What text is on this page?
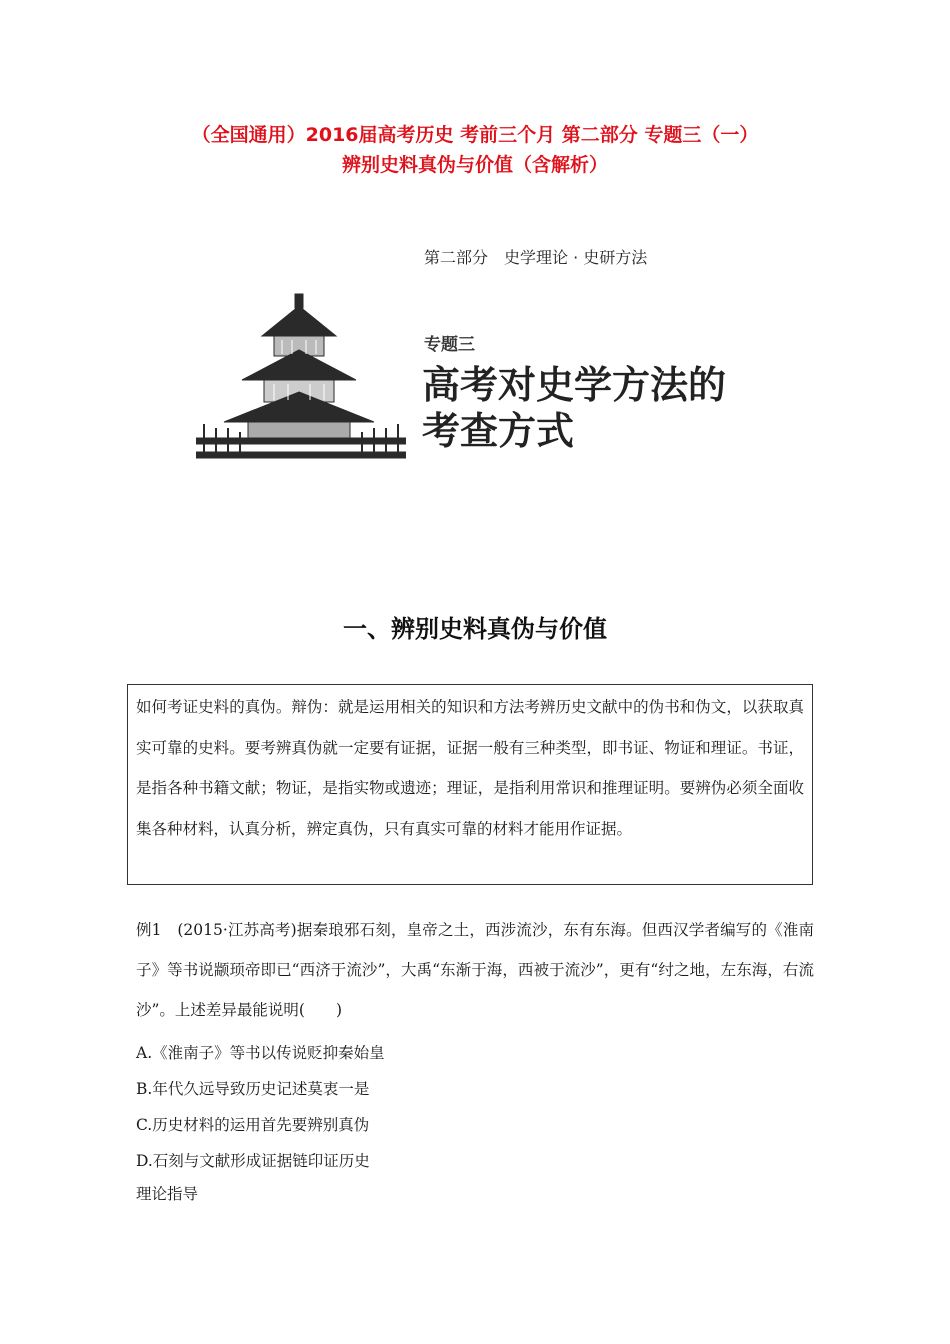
（全国通用）2016届高考历史 考前三个月 第二部分 专题三（一）
辨别史料真伪与价值（含解析）
第二部分　史学理论 · 史研方法
专题三
高考对史学方法的
考查方式
一、辨别史料真伪与价值
如何考证史料的真伪。辩伪：就是运用相关的知识和方法考辨历史文献中的伪书和伪文，以获取真实可靠的史料。要考辨真伪就一定要有证据，证据一般有三种类型，即书证、物证和理证。书证，是指各种书籍文献；物证，是指实物或遗迹；理证，是指利用常识和推理证明。要辨伪必须全面收集各种材料，认真分析，辨定真伪，只有真实可靠的材料才能用作证据。
例1　(2015·江苏高考)据秦琅邪石刻，皇帝之土，西涉流沙，东有东海。但西汉学者编写的《淮南子》等书说颛顼帝即已“西济于流沙”，大禹“东渐于海，西被于流沙”，更有“纣之地，左东海，右流沙”。上述差异最能说明(　　)
A.《淮南子》等书以传说贬抑秦始皇
B.年代久远导致历史记述莫衷一是
C.历史材料的运用首先要辨别真伪
D.石刻与文献形成证据链印证历史
理论指导
